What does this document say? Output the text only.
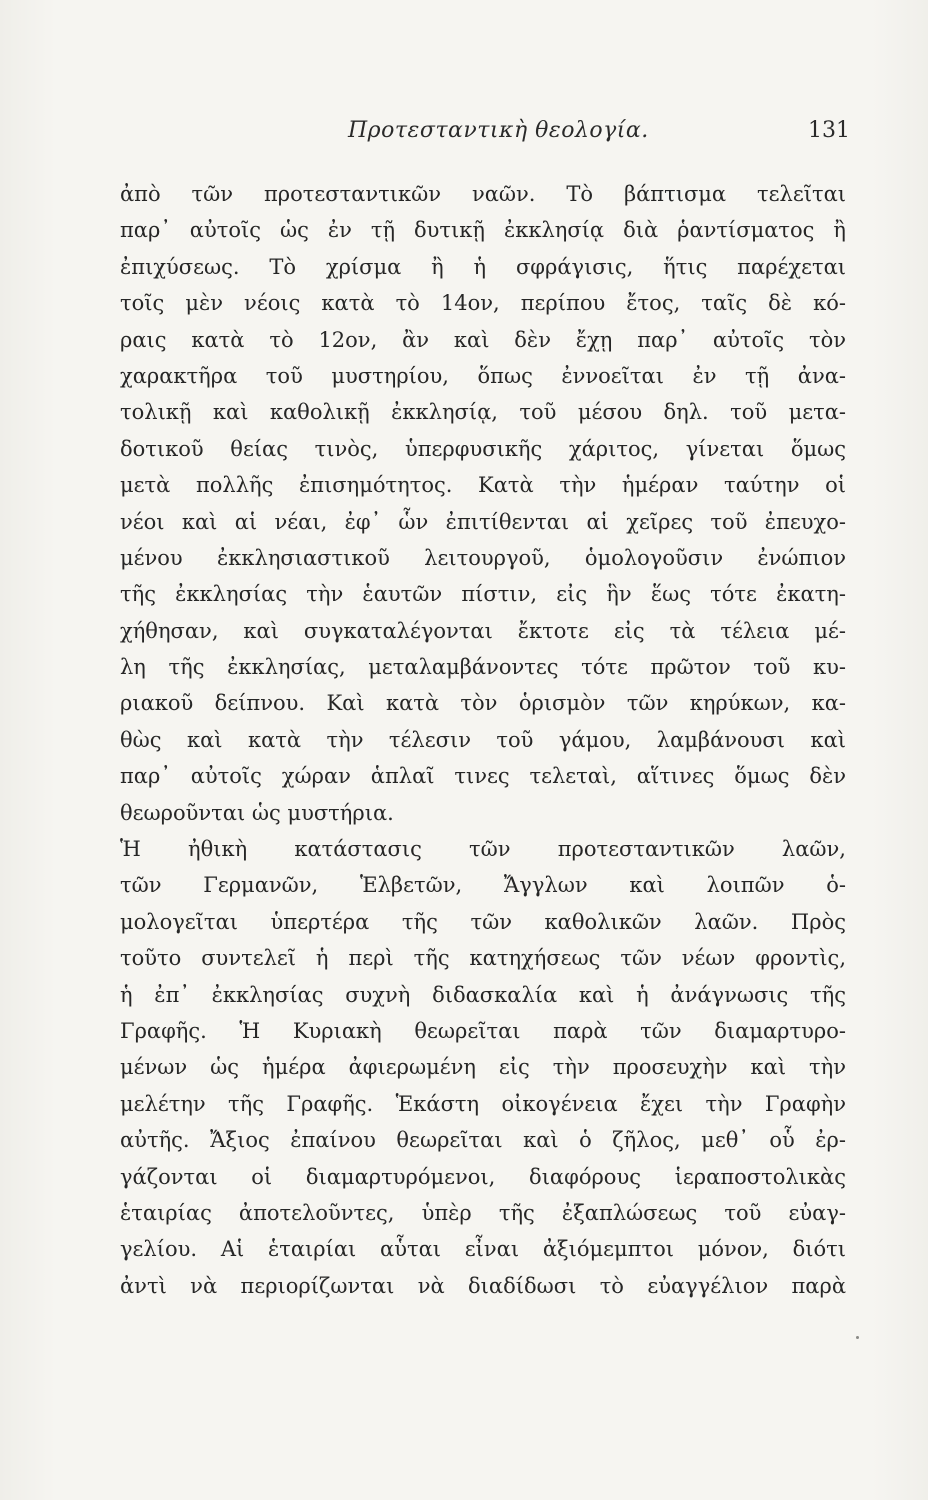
Προτεσταντικὴ θεολογία.	131
ἀπὸ τῶν προτεσταντικῶν ναῶν. Τὸ βάπτισμα τελεῖται
παρ᾽ αὐτοῖς ὡς ἐν τῇ δυτικῇ ἐκκλησίᾳ διὰ ῥαντίσματος ἢ
ἐπιχύσεως. Τὸ χρίσμα ἢ ἡ σφράγισις, ἥτις παρέχεται
τοῖς μὲν νέοις κατὰ τὸ 14ον, περίπου ἔτος, ταῖς δὲ κό-
ραις κατὰ τὸ 12ον, ἂν καὶ δὲν ἔχῃ παρ᾽ αὐτοῖς τὸν
χαρακτῆρα τοῦ μυστηρίου, ὅπως ἐννοεῖται ἐν τῇ ἀνα-
τολικῇ καὶ καθολικῇ ἐκκλησίᾳ, τοῦ μέσου δηλ. τοῦ μετα-
δοτικοῦ θείας τινὸς, ὑπερφυσικῆς χάριτος, γίνεται ὅμως
μετὰ πολλῆς ἐπισημότητος. Κατὰ τὴν ἡμέραν ταύτην οἱ
νέοι καὶ αἱ νέαι, ἐφ᾽ ὧν ἐπιτίθενται αἱ χεῖρες τοῦ ἐπευχο-
μένου ἐκκλησιαστικοῦ λειτουργοῦ, ὁμολογοῦσιν ἐνώπιον
τῆς ἐκκλησίας τὴν ἑαυτῶν πίστιν, εἰς ἣν ἕως τότε ἐκατη-
χήθησαν, καὶ συγκαταλέγονται ἔκτοτε εἰς τὰ τέλεια μέ-
λη τῆς ἐκκλησίας, μεταλαμβάνοντες τότε πρῶτον τοῦ κυ-
ριακοῦ δείπνου. Καὶ κατὰ τὸν ὁρισμὸν τῶν κηρύκων, κα-
θὼς καὶ κατὰ τὴν τέλεσιν τοῦ γάμου, λαμβάνουσι καὶ
παρ᾽ αὐτοῖς χώραν ἁπλαῖ τινες τελεταὶ, αἵτινες ὅμως δὲν
θεωροῦνται ὡς μυστήρια.
Ἡ ἠθικὴ κατάστασις τῶν προτεσταντικῶν λαῶν,
τῶν Γερμανῶν, Ἑλβετῶν, Ἄγγλων καὶ λοιπῶν ὁ-
μολογεῖται ὑπερτέρα τῆς τῶν καθολικῶν λαῶν. Πρὸς
τοῦτο συντελεῖ ἡ περὶ τῆς κατηχήσεως τῶν νέων φροντὶς,
ἡ ἐπ᾽ ἐκκλησίας συχνὴ διδασκαλία καὶ ἡ ἀνάγνωσις τῆς
Γραφῆς. Ἡ Κυριακὴ θεωρεῖται παρὰ τῶν διαμαρτυρο-
μένων ὡς ἡμέρα ἀφιερωμένη εἰς τὴν προσευχὴν καὶ τὴν
μελέτην τῆς Γραφῆς. Ἑκάστη οἰκογένεια ἔχει τὴν Γραφὴν
αὐτῆς. Ἄξιος ἐπαίνου θεωρεῖται καὶ ὁ ζῆλος, μεθ᾽ οὗ ἐρ-
γάζονται οἱ διαμαρτυρόμενοι, διαφόρους ἱεραποστολικὰς
ἑταιρίας ἀποτελοῦντες, ὑπὲρ τῆς ἐξαπλώσεως τοῦ εὐαγ-
γελίου. Αἱ ἑταιρίαι αὗται εἶναι ἀξιόμεμπτοι μόνον, διότι
ἀντὶ νὰ περιορίζωνται νὰ διαδίδωσι τὸ εὐαγγέλιον παρὰ
